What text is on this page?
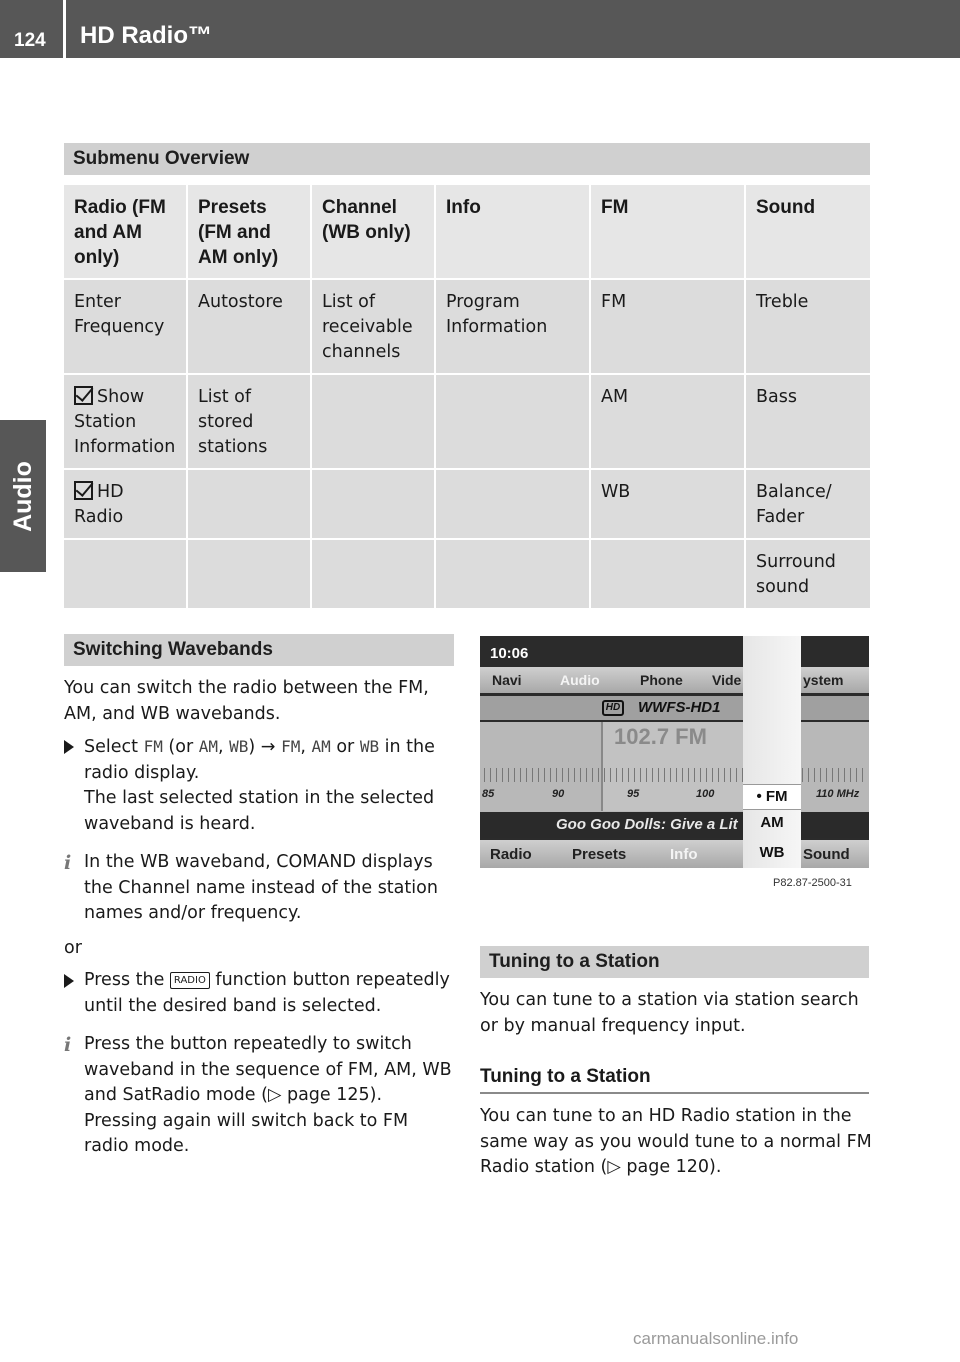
124 HD Radio™
Audio
Submenu Overview
Radio (FM and AM only)	Presets (FM and AM only)	Channel (WB only)	Info	FM	Sound
Enter Frequency	Autostore	List of receivable channels	Program Information	FM	Treble
Show Station Information	List of stored stations			AM	Bass
HD Radio				WB	Balance/ Fader
					Surround sound
Switching Wavebands

You can switch the radio between the FM, AM, and WB wavebands.

Select FM (or AM, WB) → FM, AM or WB in the radio display.
The last selected station in the selected waveband is heard.
i In the WB waveband, COMAND displays the Channel name instead of the station names and/or frequency.

or

Press the RADIO function button repeatedly until the desired band is selected.
i Press the button repeatedly to switch waveband in the sequence of FM, AM, WB and SatRadio mode (▷ page 125). Pressing again will switch back to FM radio mode.
10:06
Navi	Audio	Phone Vide	ystem
HD WWFS-HD1
102.7 FM
85	90	95	100	110 MHz
Goo Goo Dolls: Give a Lit
Radio	Presets	Info	Sound
• FM
AM
WB
P82.87-2500-31
Tuning to a Station
You can tune to a station via station search or by manual frequency input.
Tuning to a Station
You can tune to an HD Radio station in the same way as you would tune to a normal FM Radio station (▷ page 120).
carmanualsonline.info
